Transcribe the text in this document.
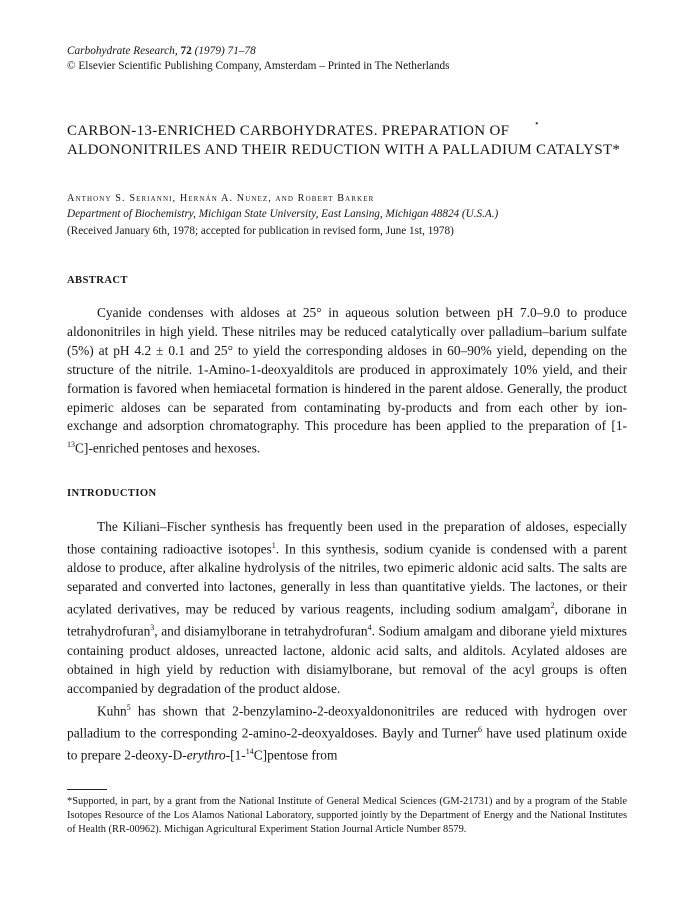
Carbohydrate Research, 72 (1979) 71–78
© Elsevier Scientific Publishing Company, Amsterdam – Printed in The Netherlands
CARBON-13-ENRICHED CARBOHYDRATES. PREPARATION OF ALDONONITRILES AND THEIR REDUCTION WITH A PALLADIUM CATALYST*
•
Anthony S. Serianni, Hernán A. Nunez, and Robert Barker
Department of Biochemistry, Michigan State University, East Lansing, Michigan 48824 (U.S.A.)
(Received January 6th, 1978; accepted for publication in revised form, June 1st, 1978)
ABSTRACT

Cyanide condenses with aldoses at 25° in aqueous solution between pH 7.0–9.0 to produce aldononitriles in high yield. These nitriles may be reduced catalytically over palladium–barium sulfate (5%) at pH 4.2 ± 0.1 and 25° to yield the corresponding aldoses in 60–90% yield, depending on the structure of the nitrile. 1-Amino-1-deoxyalditols are produced in approximately 10% yield, and their formation is favored when hemiacetal formation is hindered in the parent aldose. Generally, the product epimeric aldoses can be separated from contaminating by-products and from each other by ion-exchange and adsorption chromatography. This procedure has been applied to the preparation of [1-$^{13}$C]-enriched pentoses and hexoses.

INTRODUCTION

The Kiliani–Fischer synthesis has frequently been used in the preparation of aldoses, especially those containing radioactive isotopes$^1$. In this synthesis, sodium cyanide is condensed with a parent aldose to produce, after alkaline hydrolysis of the nitriles, two epimeric aldonic acid salts. The salts are separated and converted into lactones, generally in less than quantitative yields. The lactones, or their acylated derivatives, may be reduced by various reagents, including sodium amalgam$^2$, diborane in tetrahydrofuran$^3$, and disiamylborane in tetrahydrofuran$^4$. Sodium amalgam and diborane yield mixtures containing product aldoses, unreacted lactone, aldonic acid salts, and alditols. Acylated aldoses are obtained in high yield by reduction with disiamylborane, but removal of the acyl groups is often accompanied by degradation of the product aldose.

Kuhn$^5$ has shown that 2-benzylamino-2-deoxyaldononitriles are reduced with hydrogen over palladium to the corresponding 2-amino-2-deoxyaldoses. Bayly and Turner$^6$ have used platinum oxide to prepare 2-deoxy-D-erythro-[1-$^{14}$C]pentose from

*Supported, in part, by a grant from the National Institute of General Medical Sciences (GM-21731) and by a program of the Stable Isotopes Resource of the Los Alamos National Laboratory, supported jointly by the Department of Energy and the National Institutes of Health (RR-00962). Michigan Agricultural Experiment Station Journal Article Number 8579.
